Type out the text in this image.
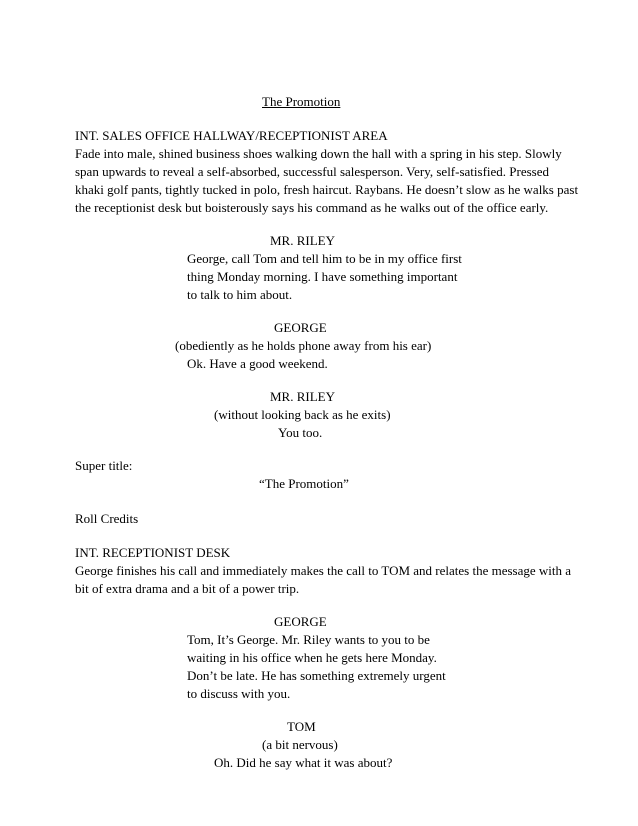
The Promotion
INT. SALES OFFICE HALLWAY/RECEPTIONIST AREA
Fade into male, shined business shoes walking down the hall with a spring in his step. Slowly
span upwards to reveal a self-absorbed, successful salesperson. Very, self-satisfied. Pressed
khaki golf pants, tightly tucked in polo, fresh haircut. Raybans. He doesn’t slow as he walks past
the receptionist desk but boisterously says his command as he walks out of the office early.
MR. RILEY
George, call Tom and tell him to be in my office first
thing Monday morning. I have something important
to talk to him about.
GEORGE
(obediently as he holds phone away from his ear)
Ok. Have a good weekend.
MR. RILEY
(without looking back as he exits)
You too.
Super title:
“The Promotion”
Roll Credits
INT. RECEPTIONIST DESK
George finishes his call and immediately makes the call to TOM and relates the message with a
bit of extra drama and a bit of a power trip.
GEORGE
Tom, It’s George. Mr. Riley wants to you to be
waiting in his office when he gets here Monday.
Don’t be late. He has something extremely urgent
to discuss with you.
TOM
(a bit nervous)
Oh. Did he say what it was about?
